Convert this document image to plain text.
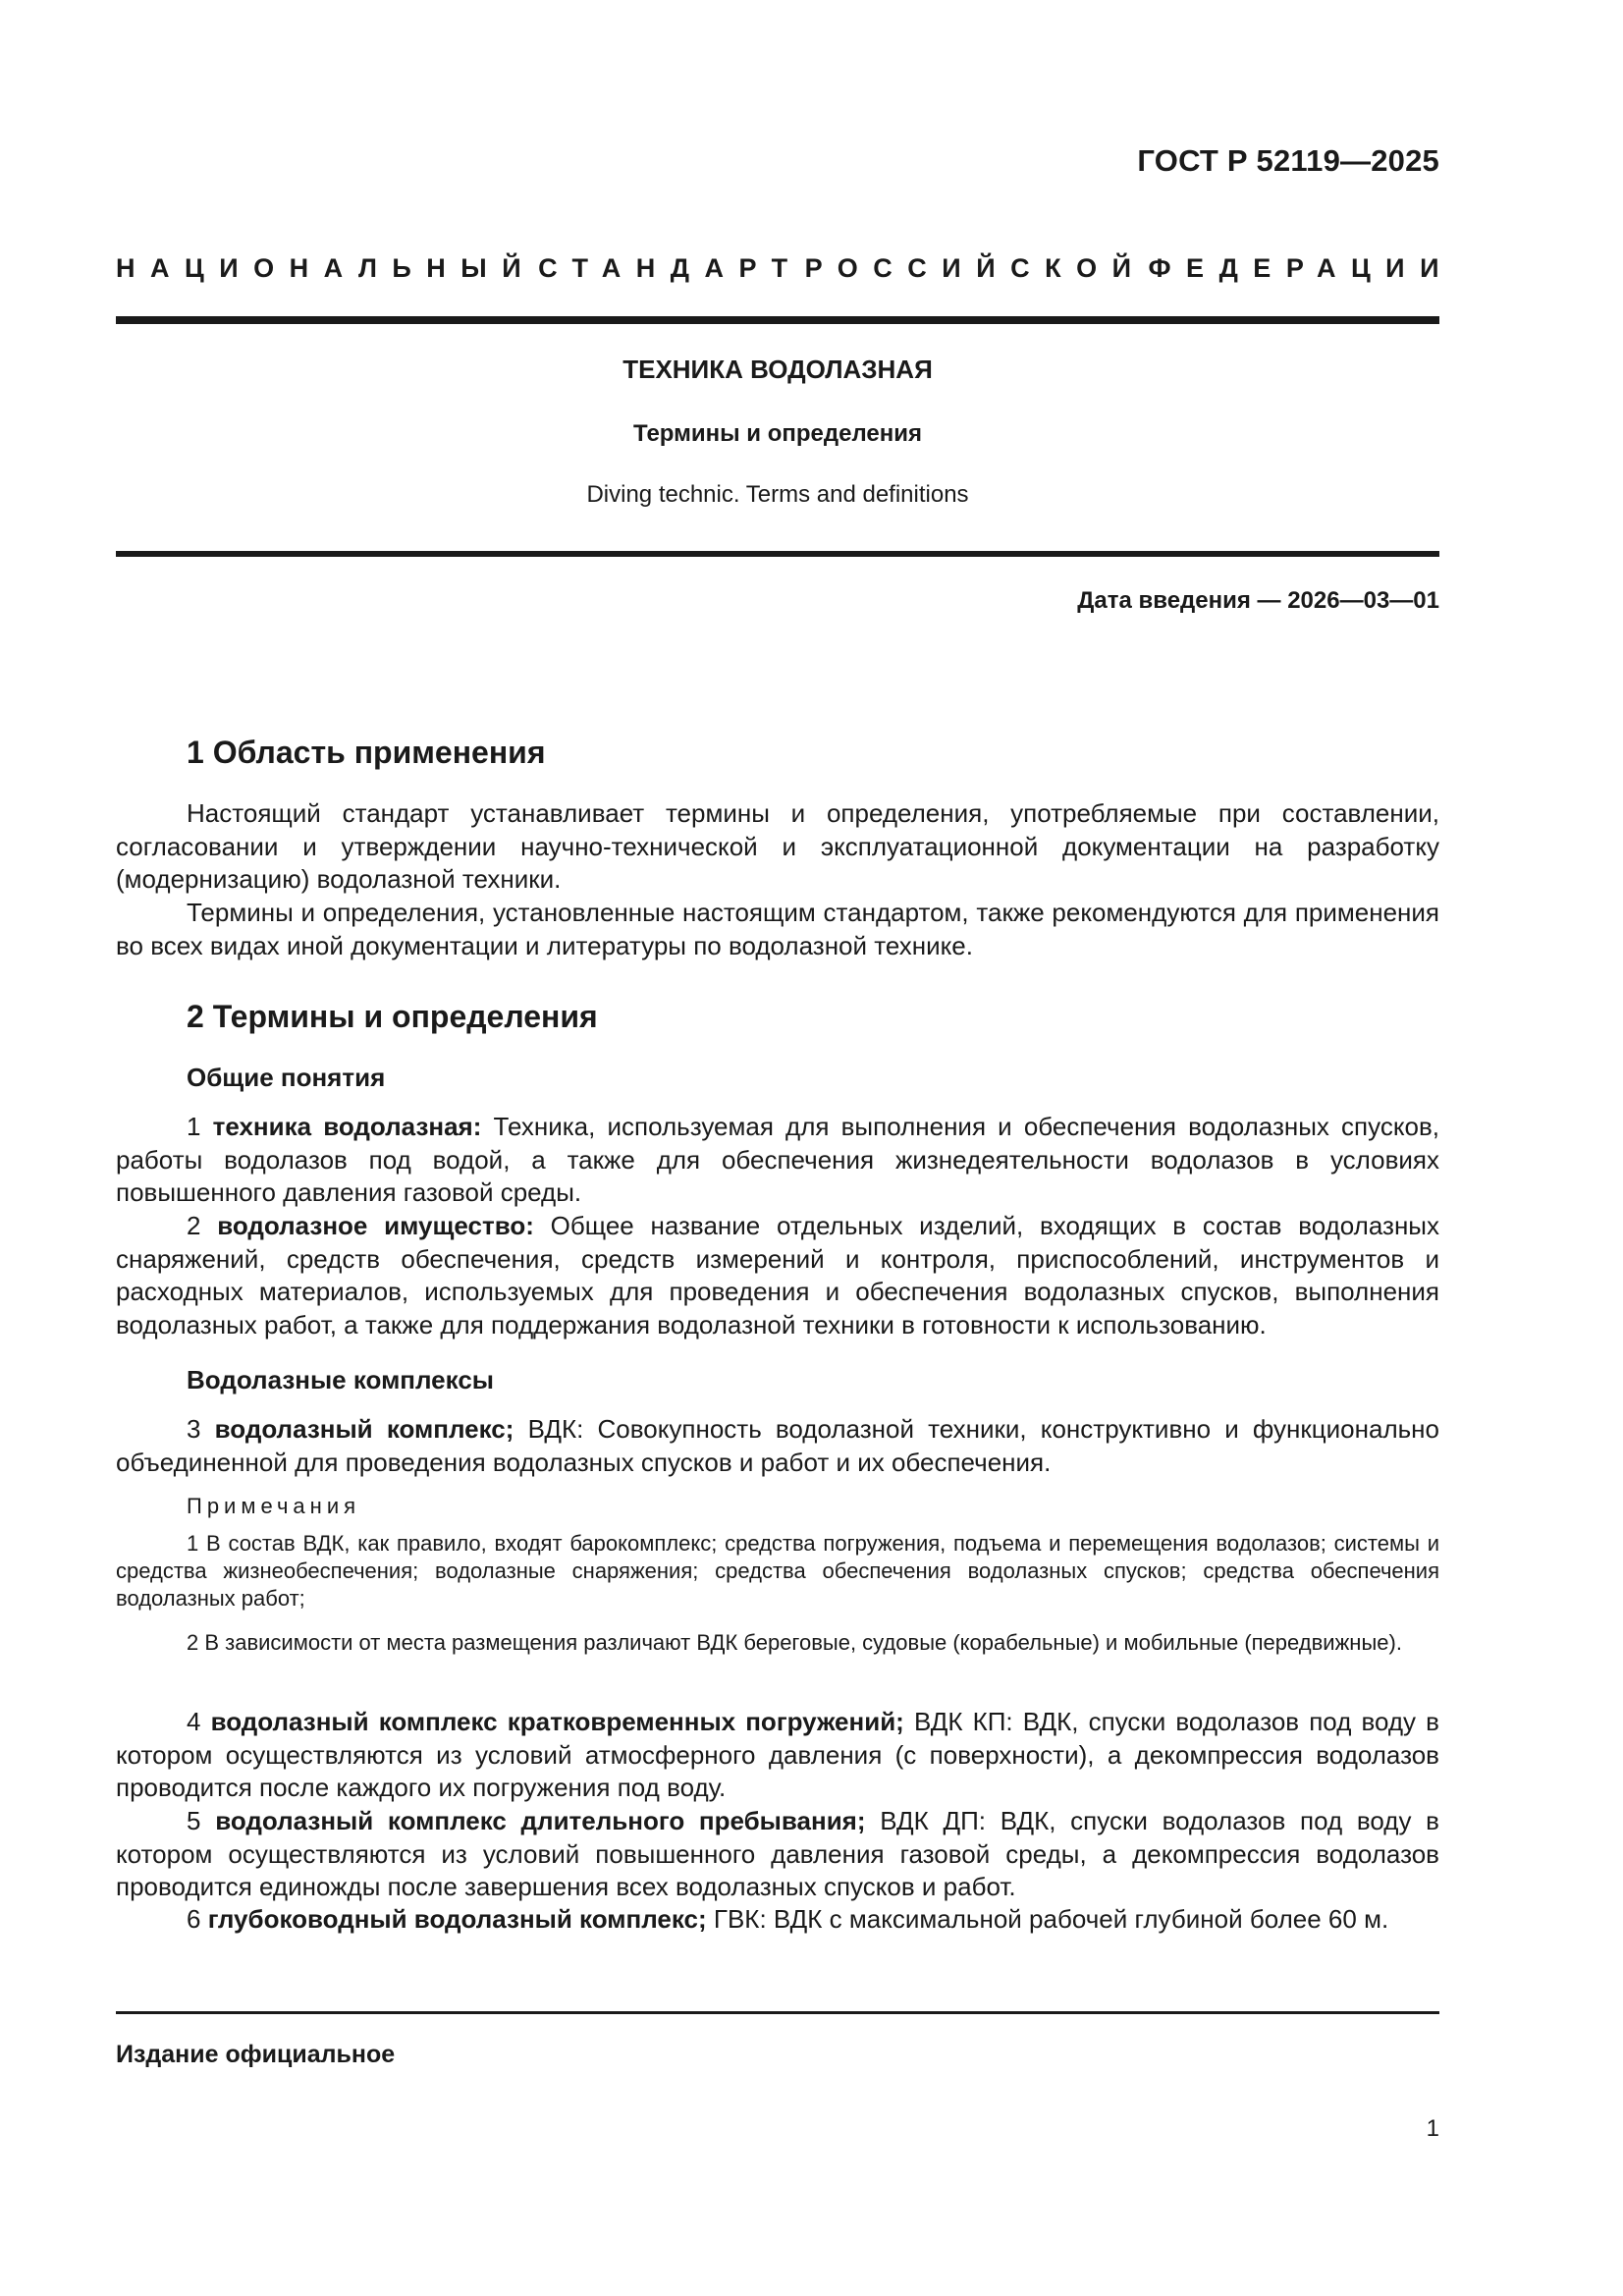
ГОСТ Р 52119—2025
НАЦИОНАЛЬНЫЙ СТАНДАРТ РОССИЙСКОЙ ФЕДЕРАЦИИ
ТЕХНИКА ВОДОЛАЗНАЯ
Термины и определения
Diving technic. Terms and definitions
Дата введения — 2026—03—01
1 Область применения
Настоящий стандарт устанавливает термины и определения, употребляемые при составлении, согласовании и утверждении научно-технической и эксплуатационной документации на разработку (модернизацию) водолазной техники.
Термины и определения, установленные настоящим стандартом, также рекомендуются для применения во всех видах иной документации и литературы по водолазной технике.
2 Термины и определения
Общие понятия
1 техника водолазная: Техника, используемая для выполнения и обеспечения водолазных спусков, работы водолазов под водой, а также для обеспечения жизнедеятельности водолазов в условиях повышенного давления газовой среды.
2 водолазное имущество: Общее название отдельных изделий, входящих в состав водолазных снаряжений, средств обеспечения, средств измерений и контроля, приспособлений, инструментов и расходных материалов, используемых для проведения и обеспечения водолазных спусков, выполнения водолазных работ, а также для поддержания водолазной техники в готовности к использованию.
Водолазные комплексы
3 водолазный комплекс; ВДК: Совокупность водолазной техники, конструктивно и функционально объединенной для проведения водолазных спусков и работ и их обеспечения.
Примечания
1 В состав ВДК, как правило, входят барокомплекс; средства погружения, подъема и перемещения водолазов; системы и средства жизнеобеспечения; водолазные снаряжения; средства обеспечения водолазных спусков; средства обеспечения водолазных работ;
2 В зависимости от места размещения различают ВДК береговые, судовые (корабельные) и мобильные (передвижные).
4 водолазный комплекс кратковременных погружений; ВДК КП: ВДК, спуски водолазов под воду в котором осуществляются из условий атмосферного давления (с поверхности), а декомпрессия водолазов проводится после каждого их погружения под воду.
5 водолазный комплекс длительного пребывания; ВДК ДП: ВДК, спуски водолазов под воду в котором осуществляются из условий повышенного давления газовой среды, а декомпрессия водолазов проводится единожды после завершения всех водолазных спусков и работ.
6 глубоководный водолазный комплекс; ГВК: ВДК с максимальной рабочей глубиной более 60 м.
Издание официальное
1
